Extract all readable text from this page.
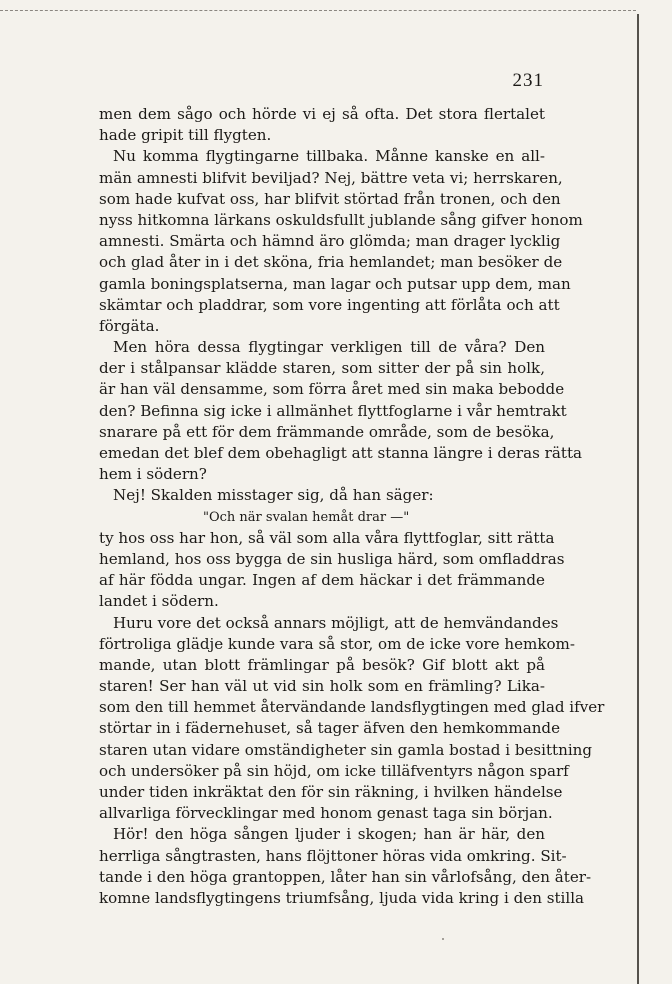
231
men dem sågo och hörde vi ej så ofta. Det stora flertalet
hade gripit till flygten.
Nu komma flygtingarne tillbaka. Månne kanske en all-
män amnesti blifvit beviljad? Nej, bättre veta vi; herrskaren,
som hade kufvat oss, har blifvit störtad från tronen, och den
nyss hitkomna lärkans oskuldsfullt jublande sång gifver honom
amnesti. Smärta och hämnd äro glömda; man drager lycklig
och glad åter in i det sköna, fria hemlandet; man besöker de
gamla boningsplatserna, man lagar och putsar upp dem, man
skämtar och pladdrar, som vore ingenting att förlåta och att
förgäta.
Men höra dessa flygtingar verkligen till de våra? Den
der i stålpansar klädde staren, som sitter der på sin holk,
är han väl densamme, som förra året med sin maka bebodde
den? Befinna sig icke i allmänhet flyttfoglarne i vår hemtrakt
snarare på ett för dem främmande område, som de besöka,
emedan det blef dem obehagligt att stanna längre i deras rätta
hem i södern?
Nej! Skalden misstager sig, då han säger:
"Och när svalan hemåt drar —"
ty hos oss har hon, så väl som alla våra flyttfoglar, sitt rätta
hemland, hos oss bygga de sin husliga härd, som omfladdras
af här födda ungar. Ingen af dem häckar i det främmande
landet i södern.
Huru vore det också annars möjligt, att de hemvändandes
förtroliga glädje kunde vara så stor, om de icke vore hemkom-
mande, utan blott främlingar på besök? Gif blott akt på
staren! Ser han väl ut vid sin holk som en främling? Lika-
som den till hemmet återvändande landsflygtingen med glad ifver
störtar in i fädernehuset, så tager äfven den hemkommande
staren utan vidare omständigheter sin gamla bostad i besittning
och undersöker på sin höjd, om icke tilläfventyrs någon sparf
under tiden inkräktat den för sin räkning, i hvilken händelse
allvarliga förvecklingar med honom genast taga sin början.
Hör! den höga sången ljuder i skogen; han är här, den
herrliga sångtrasten, hans flöjttoner höras vida omkring. Sit-
tande i den höga grantoppen, låter han sin vårlofsång, den åter-
komne landsflygtingens triumfsång, ljuda vida kring i den stilla
